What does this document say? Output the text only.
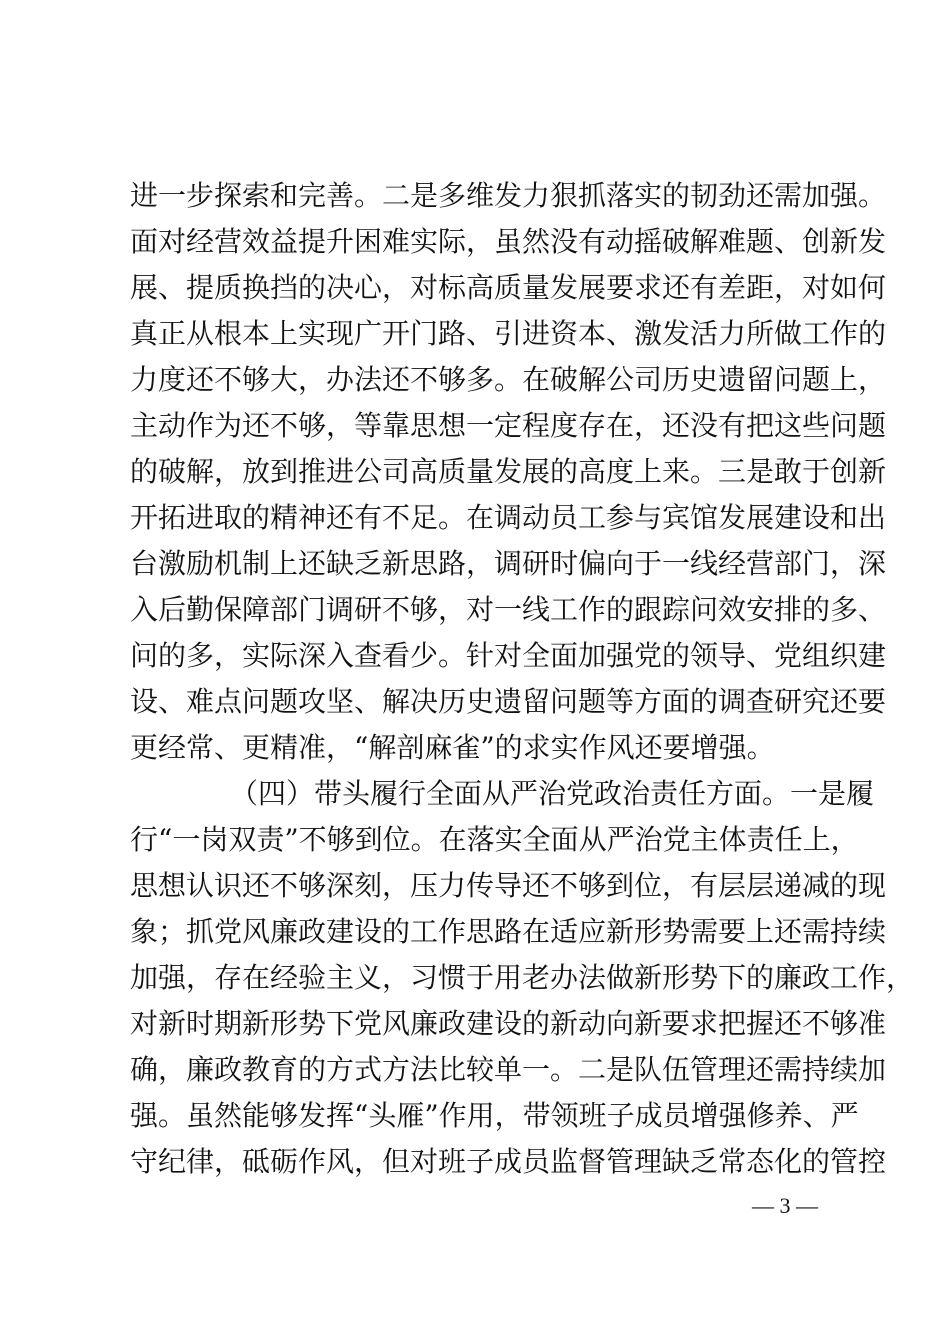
进一步探索和完善。二是多维发力狠抓落实的韧劲还需加强。
面对经营效益提升困难实际，虽然没有动摇破解难题、创新发
展、提质换挡的决心，对标高质量发展要求还有差距，对如何
真正从根本上实现广开门路、引进资本、激发活力所做工作的
力度还不够大，办法还不够多。在破解公司历史遗留问题上，
主动作为还不够，等靠思想一定程度存在，还没有把这些问题
的破解，放到推进公司高质量发展的高度上来。三是敢于创新
开拓进取的精神还有不足。在调动员工参与宾馆发展建设和出
台激励机制上还缺乏新思路，调研时偏向于一线经营部门，深
入后勤保障部门调研不够，对一线工作的跟踪问效安排的多、
问的多，实际深入查看少。针对全面加强党的领导、党组织建
设、难点问题攻坚、解决历史遗留问题等方面的调查研究还要
更经常、更精准，“解剖麻雀”的求实作风还要增强。
（四）带头履行全面从严治党政治责任方面。一是履
行“一岗双责”不够到位。在落实全面从严治党主体责任上，
思想认识还不够深刻，压力传导还不够到位，有层层递减的现
象；抓党风廉政建设的工作思路在适应新形势需要上还需持续
加强，存在经验主义，习惯于用老办法做新形势下的廉政工作，
对新时期新形势下党风廉政建设的新动向新要求把握还不够准
确，廉政教育的方式方法比较单一。二是队伍管理还需持续加
强。虽然能够发挥“头雁”作用，带领班子成员增强修养、严
守纪律，砥砺作风，但对班子成员监督管理缺乏常态化的管控
— 3 —
